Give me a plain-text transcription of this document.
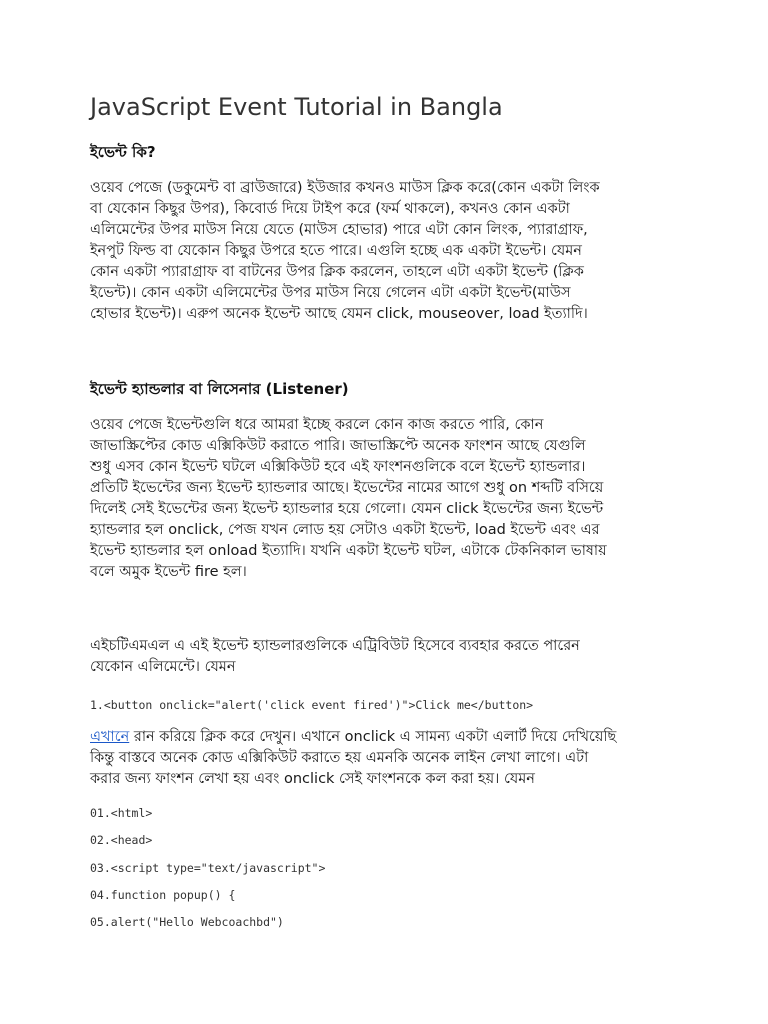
JavaScript Event Tutorial in Bangla
ইভেন্ট কি?
ওয়েব পেজে (ডকুমেন্ট বা ব্রাউজারে) ইউজার কখনও মাউস ক্লিক করে(কোন একটা লিংক
বা যেকোন কিছুর উপর), কিবোর্ড দিয়ে টাইপ করে (ফর্ম থাকলে), কখনও কোন একটা
এলিমেন্টের উপর মাউস নিয়ে যেতে (মাউস হোভার) পারে এটা কোন লিংক, প্যারাগ্রাফ,
ইনপুট ফিল্ড বা যেকোন কিছুর উপরে হতে পারে। এগুলি হচ্ছে এক একটা ইভেন্ট। যেমন
কোন একটা প্যারাগ্রাফ বা বাটনের উপর ক্লিক করলেন, তাহলে এটা একটা ইভেন্ট (ক্লিক
ইভেন্ট)। কোন একটা এলিমেন্টের উপর মাউস নিয়ে গেলেন এটা একটা ইভেন্ট(মাউস
হোভার ইভেন্ট)। এরুপ অনেক ইভেন্ট আছে যেমন click, mouseover, load ইত্যাদি।
ইভেন্ট হ্যান্ডলার বা লিসেনার (Listener)
ওয়েব পেজে ইভেন্টগুলি ধরে আমরা ইচ্ছে করলে কোন কাজ করতে পারি, কোন
জাভাস্ক্রিপ্টের কোড এক্সিকিউট করাতে পারি। জাভাস্ক্রিপ্টে অনেক ফাংশন আছে যেগুলি
শুধু এসব কোন ইভেন্ট ঘটলে এক্সিকিউট হবে এই ফাংশনগুলিকে বলে ইভেন্ট হ্যান্ডলার।
প্রতিটি ইভেন্টের জন্য ইভেন্ট হ্যান্ডলার আছে। ইভেন্টের নামের আগে শুধু on শব্দটি বসিয়ে
দিলেই সেই ইভেন্টের জন্য ইভেন্ট হ্যান্ডলার হয়ে গেলো। যেমন click ইভেন্টের জন্য ইভেন্ট
হ্যান্ডলার হল onclick, পেজ যখন লোড হয় সেটাও একটা ইভেন্ট, load ইভেন্ট এবং এর
ইভেন্ট হ্যান্ডলার হল onload ইত্যাদি। যখনি একটা ইভেন্ট ঘটল, এটাকে টেকনিকাল ভাষায়
বলে অমুক ইভেন্ট fire হল।
এইচটিএমএল এ এই ইভেন্ট হ্যান্ডলারগুলিকে এট্রিবিউট হিসেবে ব্যবহার করতে পারেন
যেকোন এলিমেন্টে। যেমন
1.<button onclick="alert('click event fired')">Click me</button>
এখানে রান করিয়ে ক্লিক করে দেখুন। এখানে onclick এ সামন্য একটা এলার্ট দিয়ে দেখিয়েছি
কিন্তু বাস্তবে অনেক কোড এক্সিকিউট করাতে হয় এমনকি অনেক লাইন লেখা লাগে। এটা
করার জন্য ফাংশন লেখা হয় এবং onclick সেই ফাংশনকে কল করা হয়। যেমন
01.<html>
02.<head>
03.<script type="text/javascript">
04.function popup() {
05.alert("Hello Webcoachbd")
